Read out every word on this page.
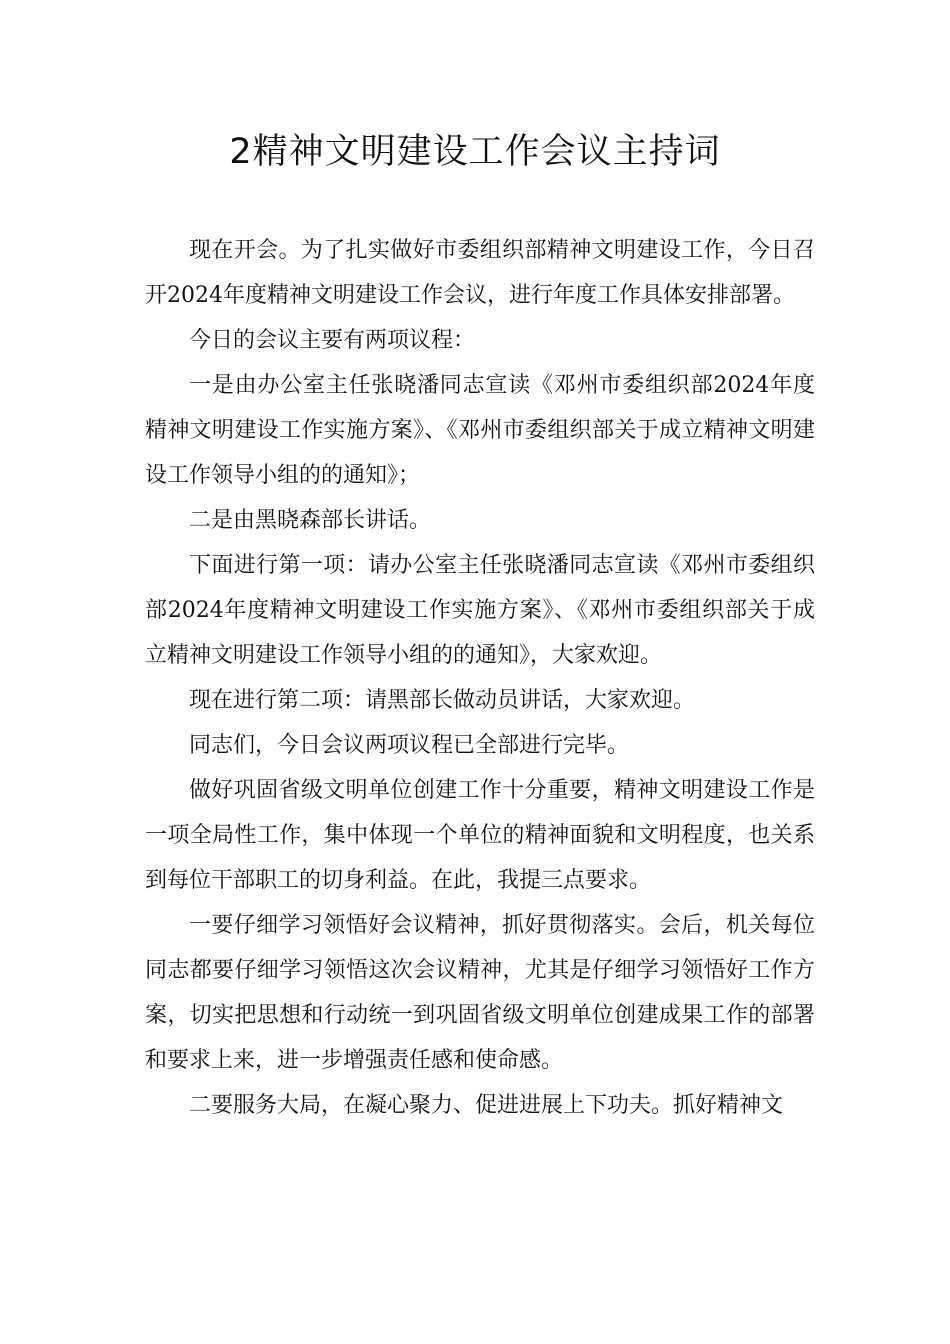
2精神文明建设工作会议主持词

现在开会。为了扎实做好市委组织部精神文明建设工作，今日召开2024年度精神文明建设工作会议，进行年度工作具体安排部署。

今日的会议主要有两项议程：

一是由办公室主任张晓潘同志宣读《邓州市委组织部2024年度精神文明建设工作实施方案》、《邓州市委组织部关于成立精神文明建设工作领导小组的的通知》；

二是由黑晓森部长讲话。

下面进行第一项：请办公室主任张晓潘同志宣读《邓州市委组织部2024年度精神文明建设工作实施方案》、《邓州市委组织部关于成立精神文明建设工作领导小组的的通知》，大家欢迎。

现在进行第二项：请黑部长做动员讲话，大家欢迎。

同志们，今日会议两项议程已全部进行完毕。

做好巩固省级文明单位创建工作十分重要，精神文明建设工作是一项全局性工作，集中体现一个单位的精神面貌和文明程度，也关系到每位干部职工的切身利益。在此，我提三点要求。

一要仔细学习领悟好会议精神，抓好贯彻落实。会后，机关每位同志都要仔细学习领悟这次会议精神，尤其是仔细学习领悟好工作方案，切实把思想和行动统一到巩固省级文明单位创建成果工作的部署和要求上来，进一步增强责任感和使命感。

二要服务大局，在凝心聚力、促进进展上下功夫。抓好精神文
